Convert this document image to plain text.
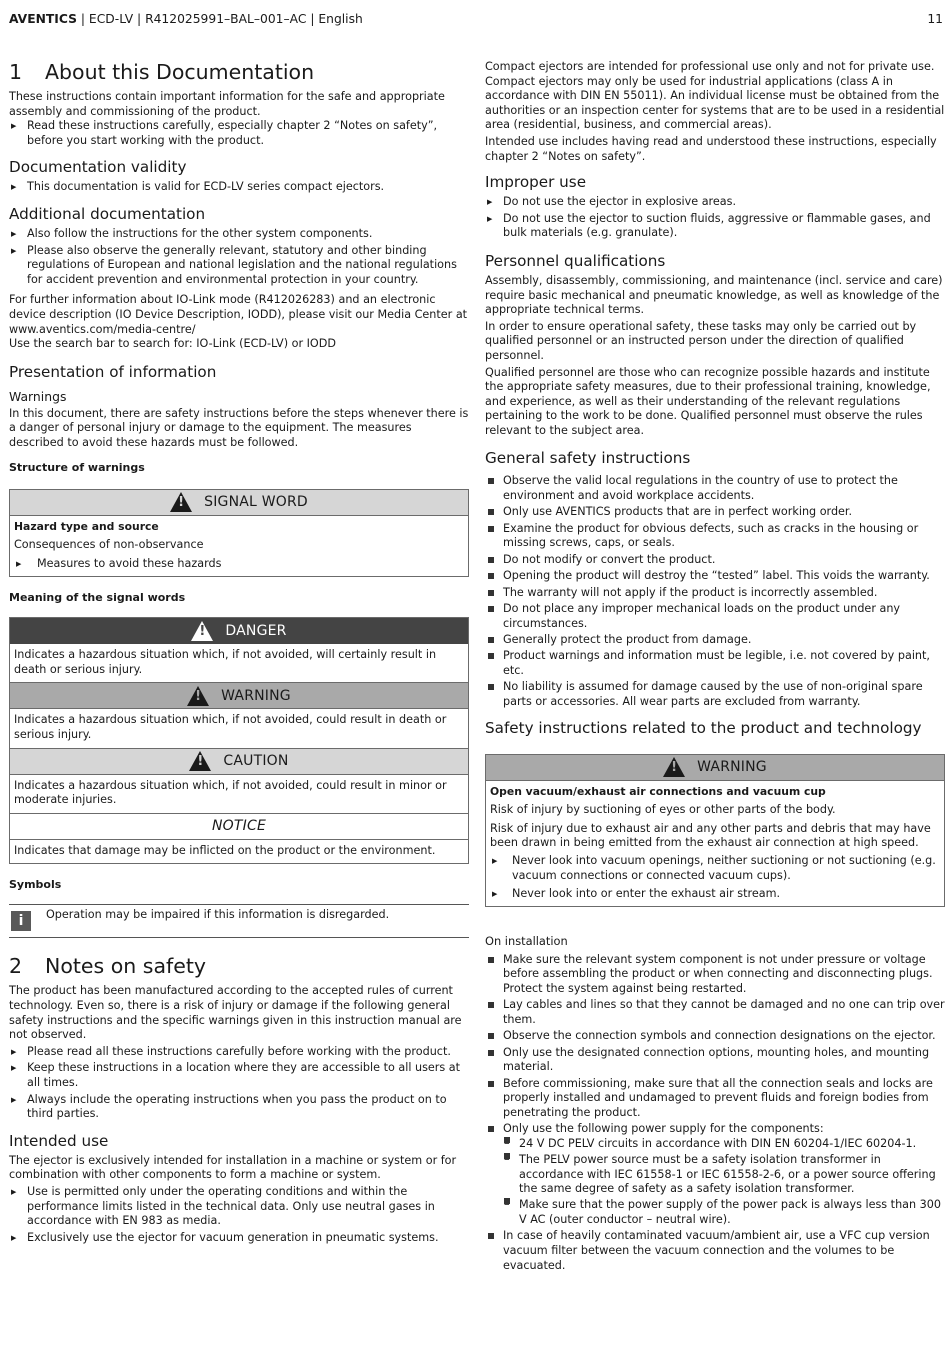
AVENTICS | ECD-LV | R412025991–BAL–001–AC | English	11
1 About this Documentation

These instructions contain important information for the safe and appropriate assembly and commissioning of the product.

▶ Read these instructions carefully, especially chapter 2 “Notes on safety”, before you start working with the product.
Documentation validity
▶ This documentation is valid for ECD-LV series compact ejectors.
Additional documentation
▶ Also follow the instructions for the other system components.
▶ Please also observe the generally relevant, statutory and other binding regulations of European and national legislation and the national regulations for accident prevention and environmental protection in your country.

For further information about IO-Link mode (R412026283) and an electronic device description (IO Device Description, IODD), please visit our Media Center at www.aventics.com/media-centre/

Use the search bar to search for: IO-Link (ECD-LV) or IODD

Presentation of information
Warnings

In this document, there are safety instructions before the steps whenever there is a danger of personal injury or damage to the equipment. The measures described to avoid these hazards must be followed.

Structure of warnings
!
SIGNAL WORD

Hazard type and source

Consequences of non-observance

▶ Measures to avoid these hazards
Meaning of the signal words
!
DANGER
Indicates a hazardous situation which, if not avoided, will certainly result in death or serious injury.
!
WARNING
Indicates a hazardous situation which, if not avoided, could result in death or serious injury.
!
CAUTION
Indicates a hazardous situation which, if not avoided, could result in minor or moderate injuries.
NOTICE
Indicates that damage may be inflicted on the product or the environment.
Symbols
i	Operation may be impaired if this information is disregarded.
2 Notes on safety

The product has been manufactured according to the accepted rules of current technology. Even so, there is a risk of injury or damage if the following general safety instructions and the specific warnings given in this instruction manual are not observed.

▶ Please read all these instructions carefully before working with the product.
▶ Keep these instructions in a location where they are accessible to all users at all times.
▶ Always include the operating instructions when you pass the product on to third parties.
Intended use

The ejector is exclusively intended for installation in a machine or system or for combination with other components to form a machine or system.

▶ Use is permitted only under the operating conditions and within the performance limits listed in the technical data. Only use neutral gases in accordance with EN 983 as media.
▶ Exclusively use the ejector for vacuum generation in pneumatic systems.

Compact ejectors are intended for professional use only and not for private use. Compact ejectors may only be used for industrial applications (class A in accordance with DIN EN 55011). An individual license must be obtained from the authorities or an inspection center for systems that are to be used in a residential area (residential, business, and commercial areas).

Intended use includes having read and understood these instructions, especially chapter 2 “Notes on safety”.

Improper use
▶ Do not use the ejector in explosive areas.
▶ Do not use the ejector to suction fluids, aggressive or flammable gases, and bulk materials (e.g. granulate).
Personnel qualifications

Assembly, disassembly, commissioning, and maintenance (incl. service and care) require basic mechanical and pneumatic knowledge, as well as knowledge of the appropriate technical terms.

In order to ensure operational safety, these tasks may only be carried out by qualified personnel or an instructed person under the direction of qualified personnel.

Qualified personnel are those who can recognize possible hazards and institute the appropriate safety measures, due to their professional training, knowledge, and experience, as well as their understanding of the relevant regulations pertaining to the work to be done. Qualified personnel must observe the rules relevant to the subject area.

General safety instructions
Observe the valid local regulations in the country of use to protect the environment and avoid workplace accidents.
Only use AVENTICS products that are in perfect working order.
Examine the product for obvious defects, such as cracks in the housing or missing screws, caps, or seals.
Do not modify or convert the product.
Opening the product will destroy the “tested” label. This voids the warranty.
The warranty will not apply if the product is incorrectly assembled.
Do not place any improper mechanical loads on the product under any circumstances.
Generally protect the product from damage.
Product warnings and information must be legible, i.e. not covered by paint, etc.
No liability is assumed for damage caused by the use of non-original spare parts or accessories. All wear parts are excluded from warranty.
Safety instructions related to the product and technology
!
WARNING

Open vacuum/exhaust air connections and vacuum cup

Risk of injury by suctioning of eyes or other parts of the body.

Risk of injury due to exhaust air and any other parts and debris that may have been drawn in being emitted from the exhaust air connection at high speed.

▶ Never look into vacuum openings, neither suctioning or not suctioning (e.g. vacuum connections or connected vacuum cups).
▶ Never look into or enter the exhaust air stream.
On installation
Make sure the relevant system component is not under pressure or voltage before assembling the product or when connecting and disconnecting plugs. Protect the system against being restarted.
Lay cables and lines so that they cannot be damaged and no one can trip over them.
Observe the connection symbols and connection designations on the ejector.
Only use the designated connection options, mounting holes, and mounting material.
Before commissioning, make sure that all the connection seals and locks are properly installed and undamaged to prevent fluids and foreign bodies from penetrating the product.
Only use the following power supply for the components:
– 24 V DC PELV circuits in accordance with DIN EN 60204-1/IEC 60204-1.
– The PELV power source must be a safety isolation transformer in accordance with IEC 61558-1 or IEC 61558-2-6, or a power source offering the same degree of safety as a safety isolation transformer.
– Make sure that the power supply of the power pack is always less than 300 V AC (outer conductor – neutral wire).
In case of heavily contaminated vacuum/ambient air, use a VFC cup version vacuum filter between the vacuum connection and the volumes to be evacuated.
